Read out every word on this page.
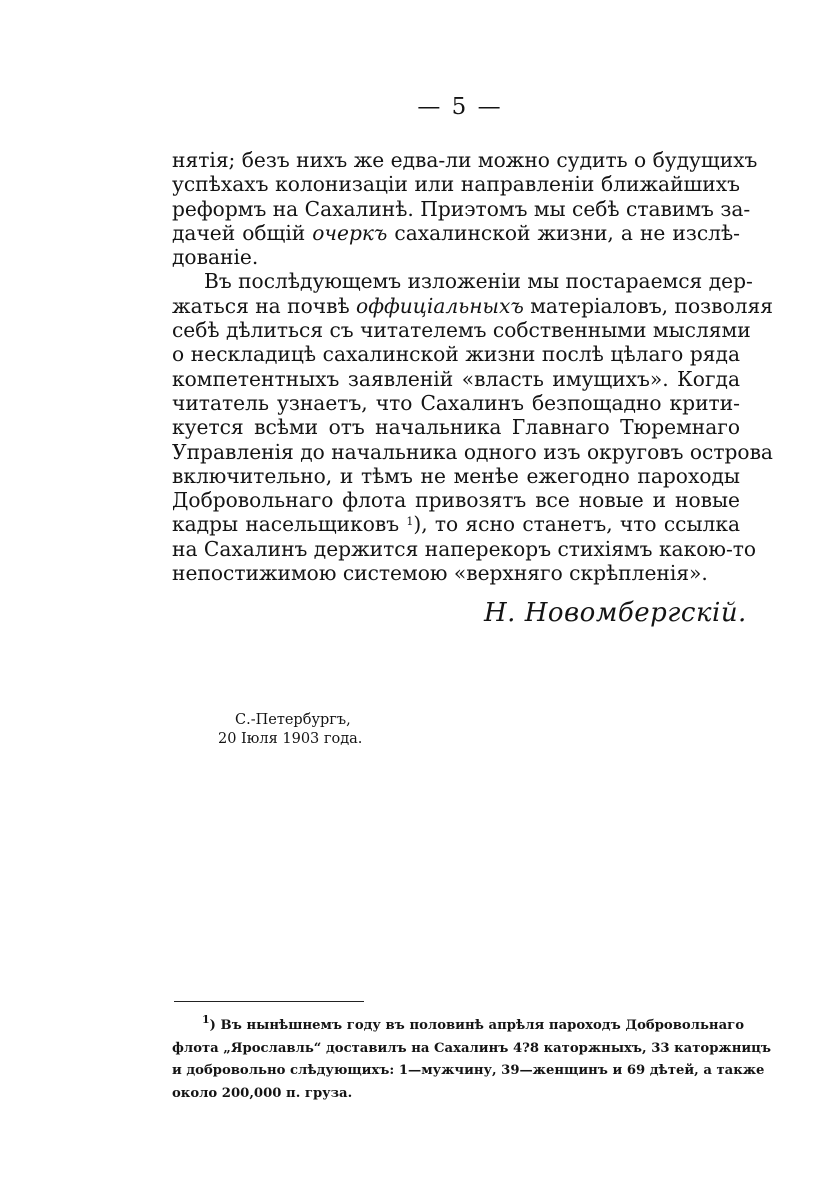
— 5 —
нятія; безъ нихъ же едва-ли можно судить о будущихъ
успѣхахъ колонизаціи или направленіи ближайшихъ
реформъ на Сахалинѣ. Приэтомъ мы себѣ ставимъ за-
дачей общій очеркъ сахалинской жизни, а не изслѣ-
дованіе.
Въ послѣдующемъ изложеніи мы постараемся дер-
жаться на почвѣ оффиціальныхъ матеріаловъ, позволяя
себѣ дѣлиться съ читателемъ собственными мыслями
о нескладицѣ сахалинской жизни послѣ цѣлаго ряда
компетентныхъ заявленій «власть имущихъ». Когда
читатель узнаетъ, что Сахалинъ безпощадно крити-
куется всѣми отъ начальника Главнаго Тюремнаго
Управленія до начальника одного изъ округовъ острова
включительно, и тѣмъ не менѣе ежегодно пароходы
Добровольнаго флота привозятъ все новые и новые
кадры насельщиковъ $^1$), то ясно станетъ, что ссылка
на Сахалинъ держится наперекоръ стихіямъ какою-то
непостижимою системою «верхняго скрѣпленія».
Н. Новомбергскій.
С.-Петербургъ,
20 Іюля 1903 года.
$^1$) Въ нынѣшнемъ году въ половинѣ апрѣля пароходъ Добровольнаго
флота „Ярославль“ доставилъ на Сахалинъ 4?8 каторжныхъ, 33 каторжницъ
и добровольно слѣдующихъ: 1—мужчину, 39—женщинъ и 69 дѣтей, а также
около 200,000 п. груза.
